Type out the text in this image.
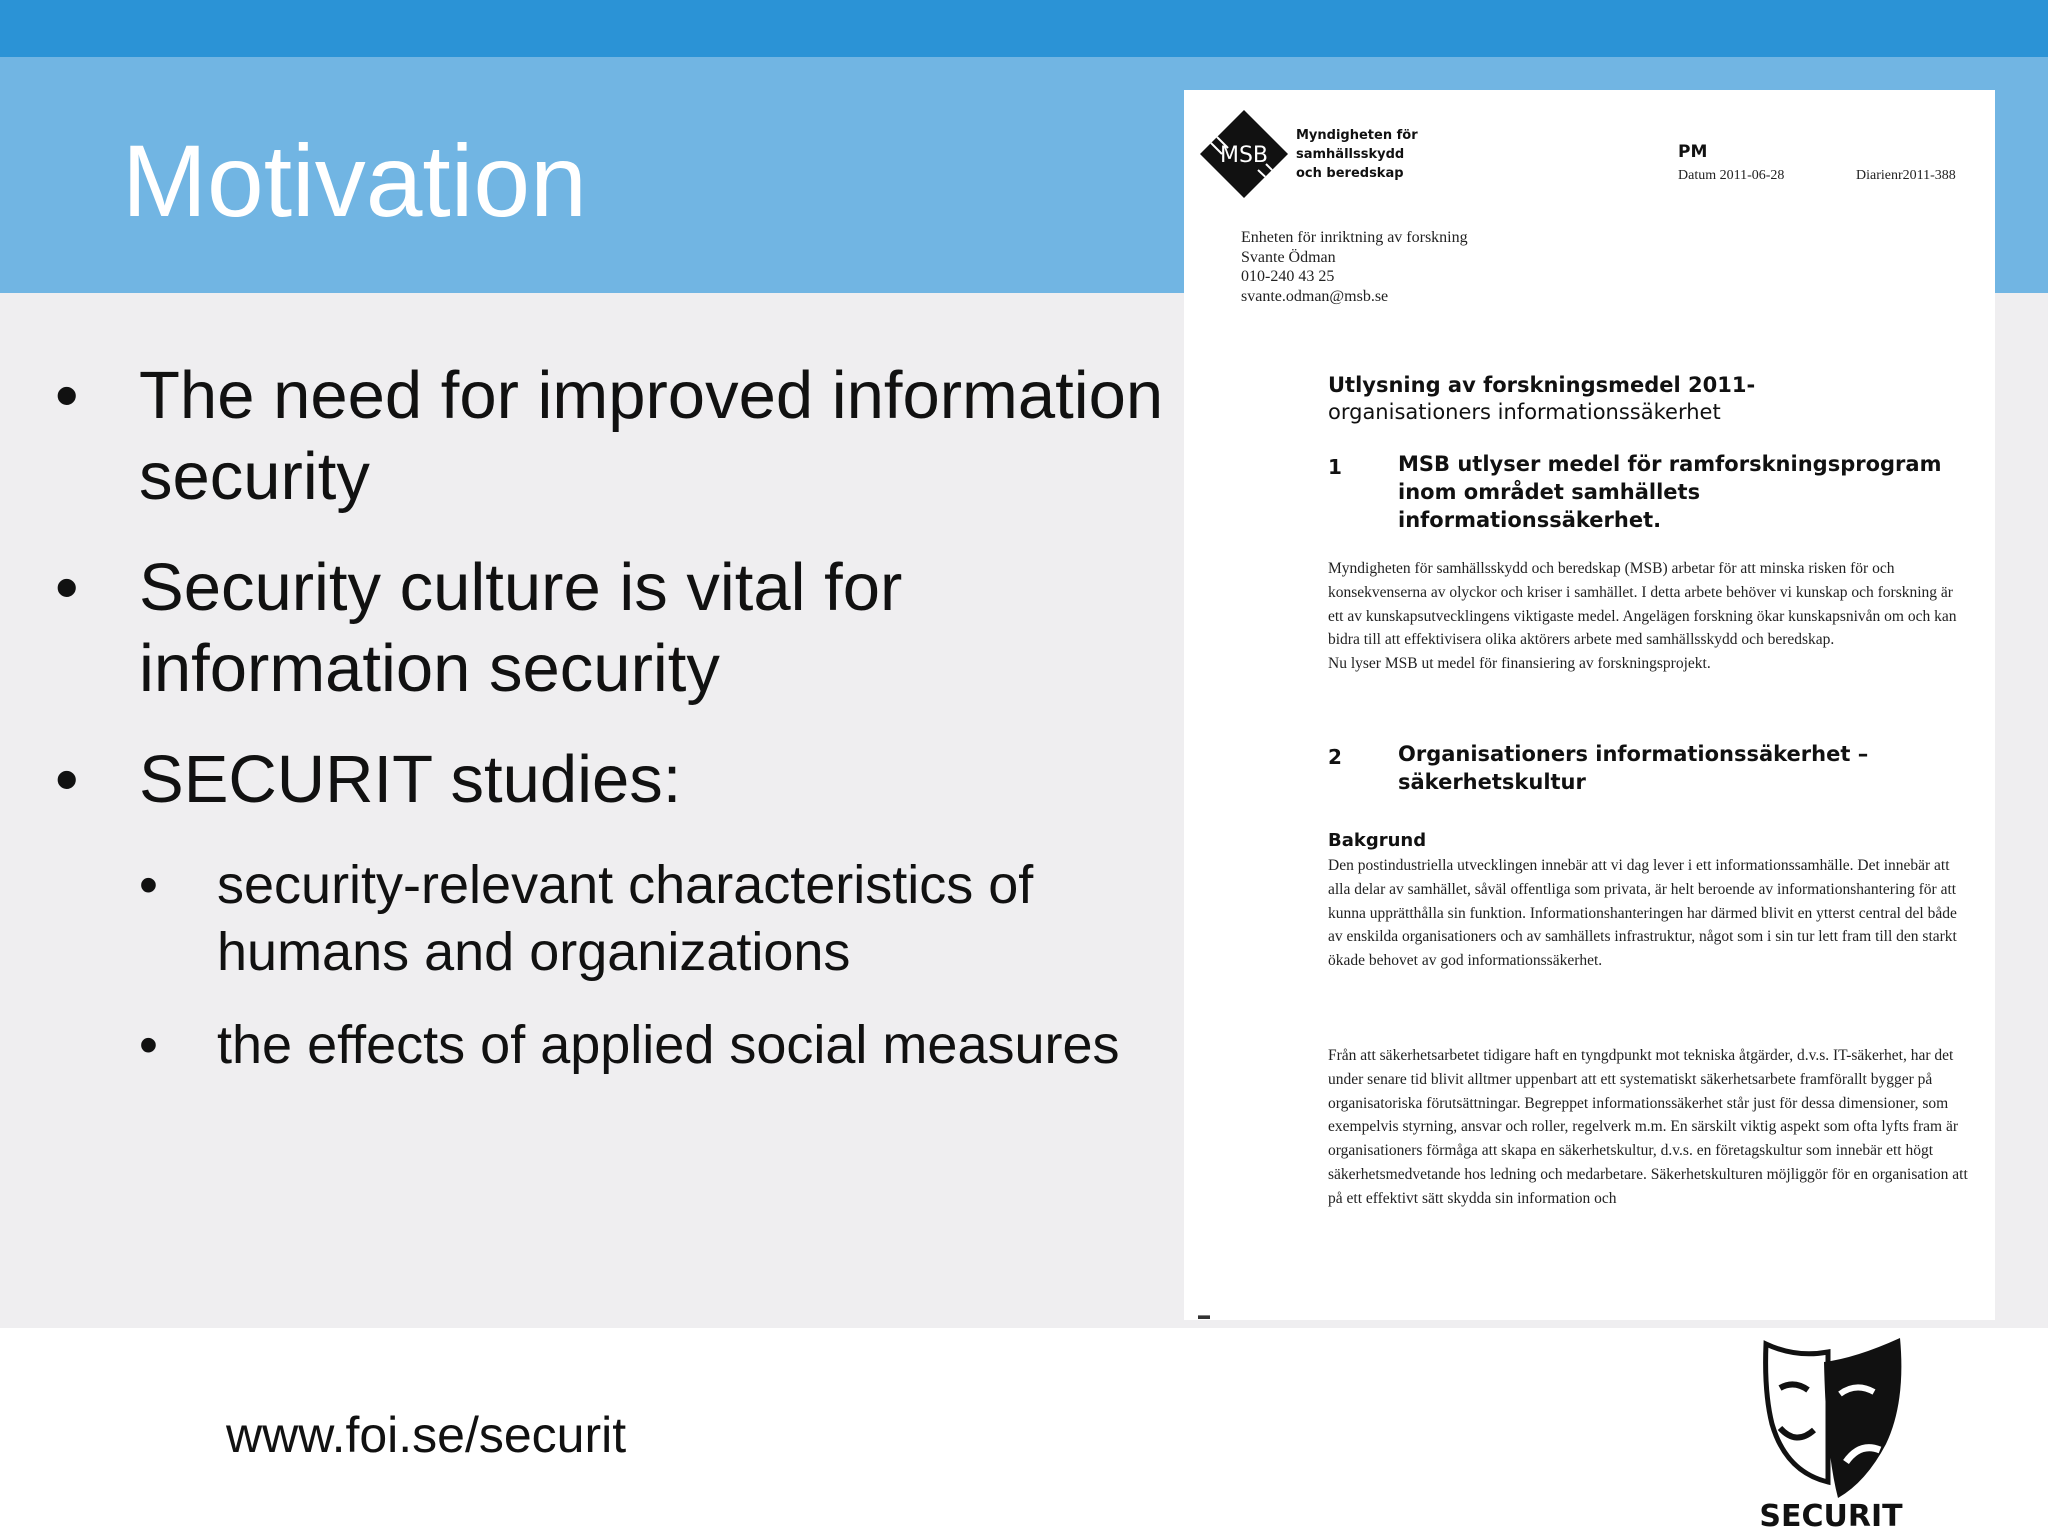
Motivation
• The need for improved information security
• Security culture is vital for information security
• SECURIT studies:
• security-relevant characteristics of humans and organizations
• the effects of applied social measures
MSB
Myndigheten för
samhällsskydd
och beredskap
PM
Datum 2011-06-28	Diarienr2011-388
Enheten för inriktning av forskning
Svante Ödman
010-240 43 25
svante.odman@msb.se
Utlysning av forskningsmedel 2011-
organisationers informationssäkerhet
1	MSB utlyser medel för ramforskningsprogram inom området samhällets informationssäkerhet.
Myndigheten för samhällsskydd och beredskap (MSB) arbetar för att minska risken för och konsekvenserna av olyckor och kriser i samhället. I detta arbete behöver vi kunskap och forskning är ett av kunskapsutvecklingens viktigaste medel. Angelägen forskning ökar kunskapsnivån om och kan bidra till att effektivisera olika aktörers arbete med samhällsskydd och beredskap.
Nu lyser MSB ut medel för finansiering av forskningsprojekt.
2	Organisationers informationssäkerhet – säkerhetskultur
Bakgrund
Den postindustriella utvecklingen innebär att vi dag lever i ett informationssamhälle. Det innebär att alla delar av samhället, såväl offentliga som privata, är helt beroende av informationshantering för att kunna upprätthålla sin funktion. Informationshanteringen har därmed blivit en ytterst central del både av enskilda organisationers och av samhällets infrastruktur, något som i sin tur lett fram till den starkt ökade behovet av god informationssäkerhet.
Från att säkerhetsarbetet tidigare haft en tyngdpunkt mot tekniska åtgärder, d.v.s. IT-säkerhet, har det under senare tid blivit alltmer uppenbart att ett systematiskt säkerhetsarbete framförallt bygger på organisatoriska förutsättningar. Begreppet informationssäkerhet står just för dessa dimensioner, som exempelvis styrning, ansvar och roller, regelverk m.m. En särskilt viktig aspekt som ofta lyfts fram är organisationers förmåga att skapa en säkerhetskultur, d.v.s. en företagskultur som innebär ett högt säkerhetsmedvetande hos ledning och medarbetare. Säkerhetskulturen möjliggör för en organisation att på ett effektivt sätt skydda sin information och
▬
www.foi.se/securit
SECURIT
